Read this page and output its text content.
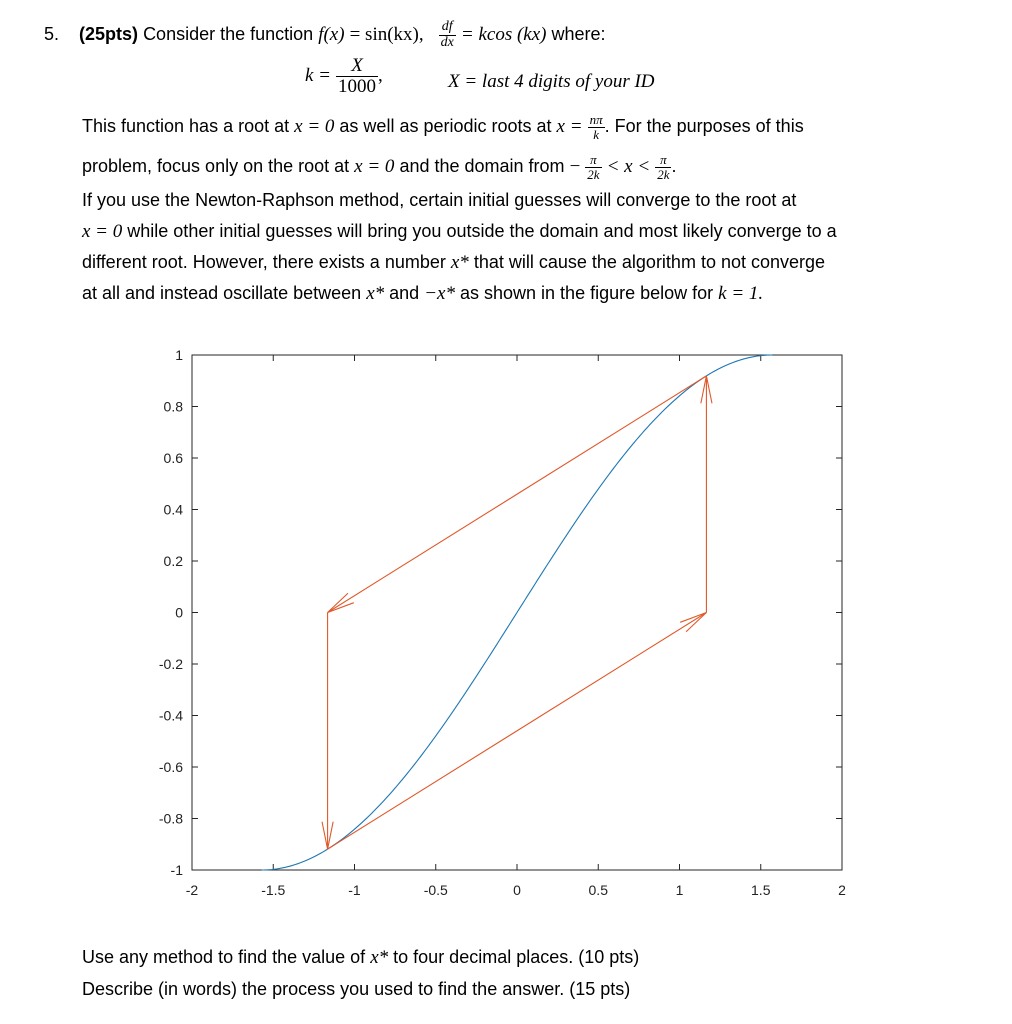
5. (25pts) Consider the function f(x) = sin(kx), $\frac{df}{dx} = kcos$ (kx) where:
$k = \frac{X}{1000}$ ,	X = last 4 digits of your ID
This function has a root at x = 0 as well as periodic roots at $x = \frac{n\pi}{k}$ . For the purposes of this
problem, focus only on the root at x = 0 and the domain from − $\frac{\pi}{2k} < x < \frac{\pi}{2k}$ .
If you use the Newton-Raphson method, certain initial guesses will converge to the root at
x = 0 while other initial guesses will bring you outside the domain and most likely converge to a
different root. However, there exists a number x* that will cause the algorithm to not converge
at all and instead oscillate between x* and −x* as shown in the figure below for k = 1.
-2	-1.5	-1	-0.5	0	0.5	1	1.5	2
-1
-0.8
-0.6
-0.4
-0.2
0
0.2
0.4
0.6
0.8
1
Use any method to find the value of x* to four decimal places. (10 pts)
Describe (in words) the process you used to find the answer. (15 pts)
